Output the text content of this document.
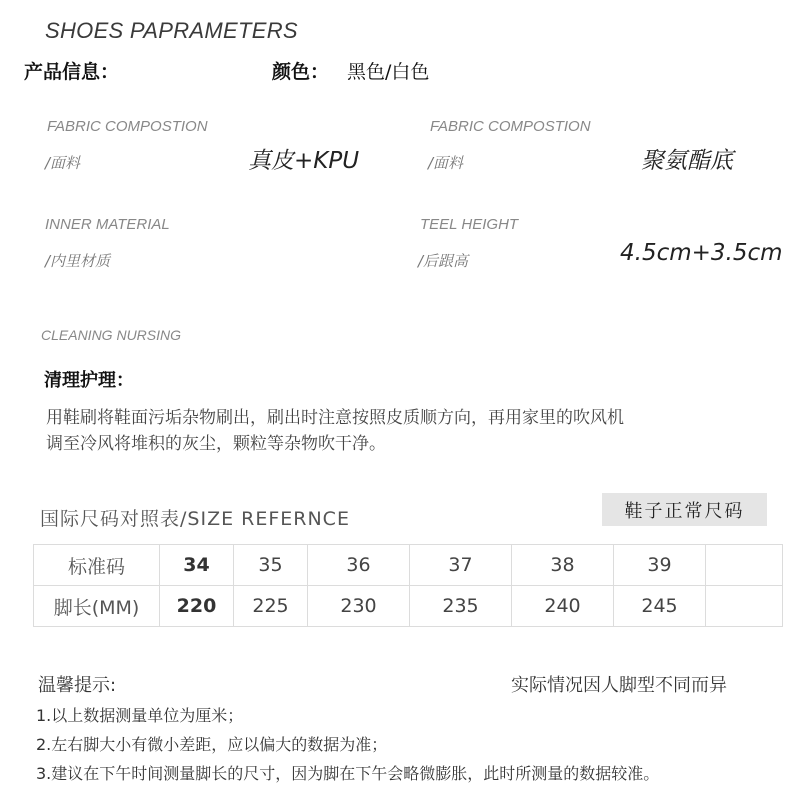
SHOES PAPRAMETERS
产品信息：	颜色： 黑色/白色
FABRIC COMPOSTION
/面料	真皮+KPU
FABRIC COMPOSTION
/面料	聚氨酯底
INNER MATERIAL
/内里材质
TEEL HEIGHT
/后跟高	4.5cm+3.5cm
CLEANING NURSING
清理护理：
用鞋刷将鞋面污垢杂物刷出，刷出时注意按照皮质顺方向，再用家里的吹风机
调至冷风将堆积的灰尘，颗粒等杂物吹干净。
国际尺码对照表/SIZE REFERNCE	鞋子正常尺码
标准码	34	35	36	37	38	39	
脚长(MM)	220	225	230	235	240	245	
温馨提示:	实际情况因人脚型不同而异
1.以上数据测量单位为厘米；
2.左右脚大小有微小差距，应以偏大的数据为准；
3.建议在下午时间测量脚长的尺寸，因为脚在下午会略微膨胀，此时所测量的数据较准。
